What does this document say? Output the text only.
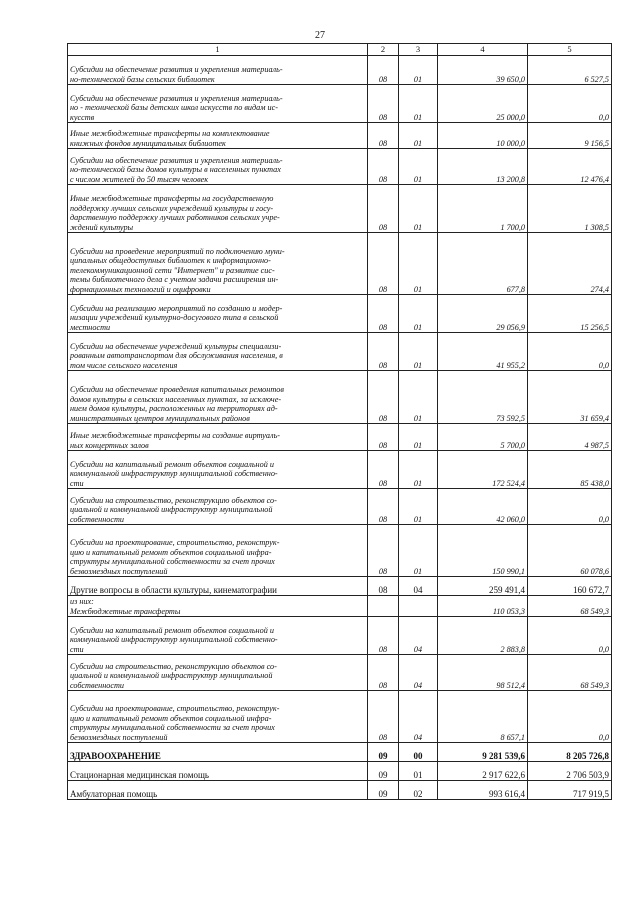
27
1	2	3	4	5
Субсидии на обеспечение развития и укрепления материаль-
но-технической базы сельских библиотек	08	01	39 650,0	6 527,5
Субсидии на обеспечение развития и укрепления материаль-
но - технической базы детских школ искусств по видам ис-
кусств	08	01	25 000,0	0,0
Иные межбюджетные трансферты на комплектование
книжных фондов муниципальных библиотек	08	01	10 000,0	9 156,5
Субсидии на обеспечение развития и укрепления материаль-
но-технической базы домов культуры в населенных пунктах
с числом жителей до 50 тысяч человек	08	01	13 200,8	12 476,4
Иные межбюджетные трансферты на государственную
поддержку лучших сельских учреждений культуры и госу-
дарственную поддержку лучших работников сельских учре-
ждений культуры	08	01	1 700,0	1 308,5
Субсидии на проведение мероприятий по подключению муни-
ципальных общедоступных библиотек к информационно-
телекоммуникационной сети "Интернет" и развитие сис-
темы библиотечного дела с учетом задачи расширения ин-
формационных технологий и оцифровки	08	01	677,8	274,4
Субсидии на реализацию мероприятий по созданию и модер-
низации учреждений культурно-досугового типа в сельской
местности	08	01	29 056,9	15 256,5
Субсидии на обеспечение учреждений культуры специализи-
рованным автотранспортом для обслуживания населения, в
том числе сельского населения	08	01	41 955,2	0,0
Субсидии на обеспечение проведения капитальных ремонтов
домов культуры в сельских населенных пунктах, за исключе-
нием домов культуры, расположенных на территориях ад-
министративных центров муниципальных районов	08	01	73 592,5	31 659,4
Иные межбюджетные трансферты на создание виртуаль-
ных концертных залов	08	01	5 700,0	4 987,5
Субсидии на капитальный ремонт объектов социальной и
коммунальной инфраструктур муниципальной собственно-
сти	08	01	172 524,4	85 438,0
Субсидии на строительство, реконструкцию объектов со-
циальной и коммунальной инфраструктур муниципальной
собственности	08	01	42 060,0	0,0
Субсидии на проектирование, строительство, реконструк-
цию и капитальный ремонт объектов социальной инфра-
структуры муниципальной собственности за счет прочих
безвозмездных поступлений	08	01	150 990,1	60 078,6
Другие вопросы в области культуры, кинематографии	08	04	259 491,4	160 672,7
из них:
Межбюджетные трансферты			110 053,3	68 549,3
Субсидии на капитальный ремонт объектов социальной и
коммунальной инфраструктур муниципальной собственно-
сти	08	04	2 883,8	0,0
Субсидии на строительство, реконструкцию объектов со-
циальной и коммунальной инфраструктур муниципальной
собственности	08	04	98 512,4	68 549,3
Субсидии на проектирование, строительство, реконструк-
цию и капитальный ремонт объектов социальной инфра-
структуры муниципальной собственности за счет прочих
безвозмездных поступлений	08	04	8 657,1	0,0
ЗДРАВООХРАНЕНИЕ	09	00	9 281 539,6	8 205 726,8
Стационарная медицинская помощь	09	01	2 917 622,6	2 706 503,9
Амбулаторная помощь	09	02	993 616,4	717 919,5
